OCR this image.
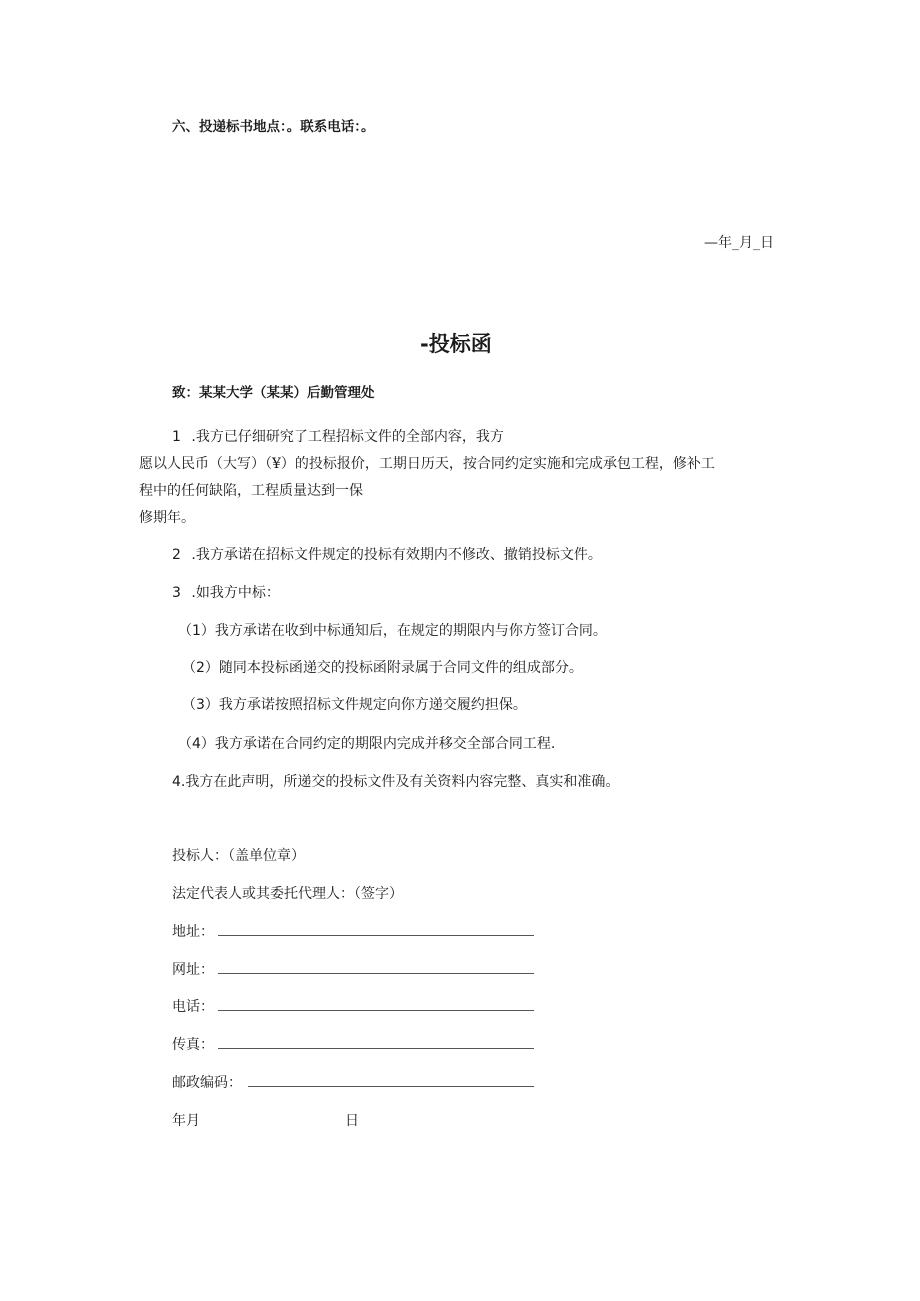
六、投递标书地点：。联系电话：。
—年_月_日
-投标函
致：某某大学（某某）后勤管理处
1 .我方已仔细研究了工程招标文件的全部内容，我方
愿以人民币（大写）（¥）的投标报价，工期日历天，按合同约定实施和完成承包工程，修补工
程中的任何缺陷，工程质量达到一保
修期年。
2 .我方承诺在招标文件规定的投标有效期内不修改、撤销投标文件。
3 .如我方中标：
（1）我方承诺在收到中标通知后，在规定的期限内与你方签订合同。
（2）随同本投标函递交的投标函附录属于合同文件的组成部分。
（3）我方承诺按照招标文件规定向你方递交履约担保。
（4）我方承诺在合同约定的期限内完成并移交全部合同工程.
4.我方在此声明，所递交的投标文件及有关资料内容完整、真实和准确。
投标人：（盖单位章）
法定代表人或其委托代理人：（签字）
地址：
网址：
电话：
传真：
邮政编码：
年月	日
